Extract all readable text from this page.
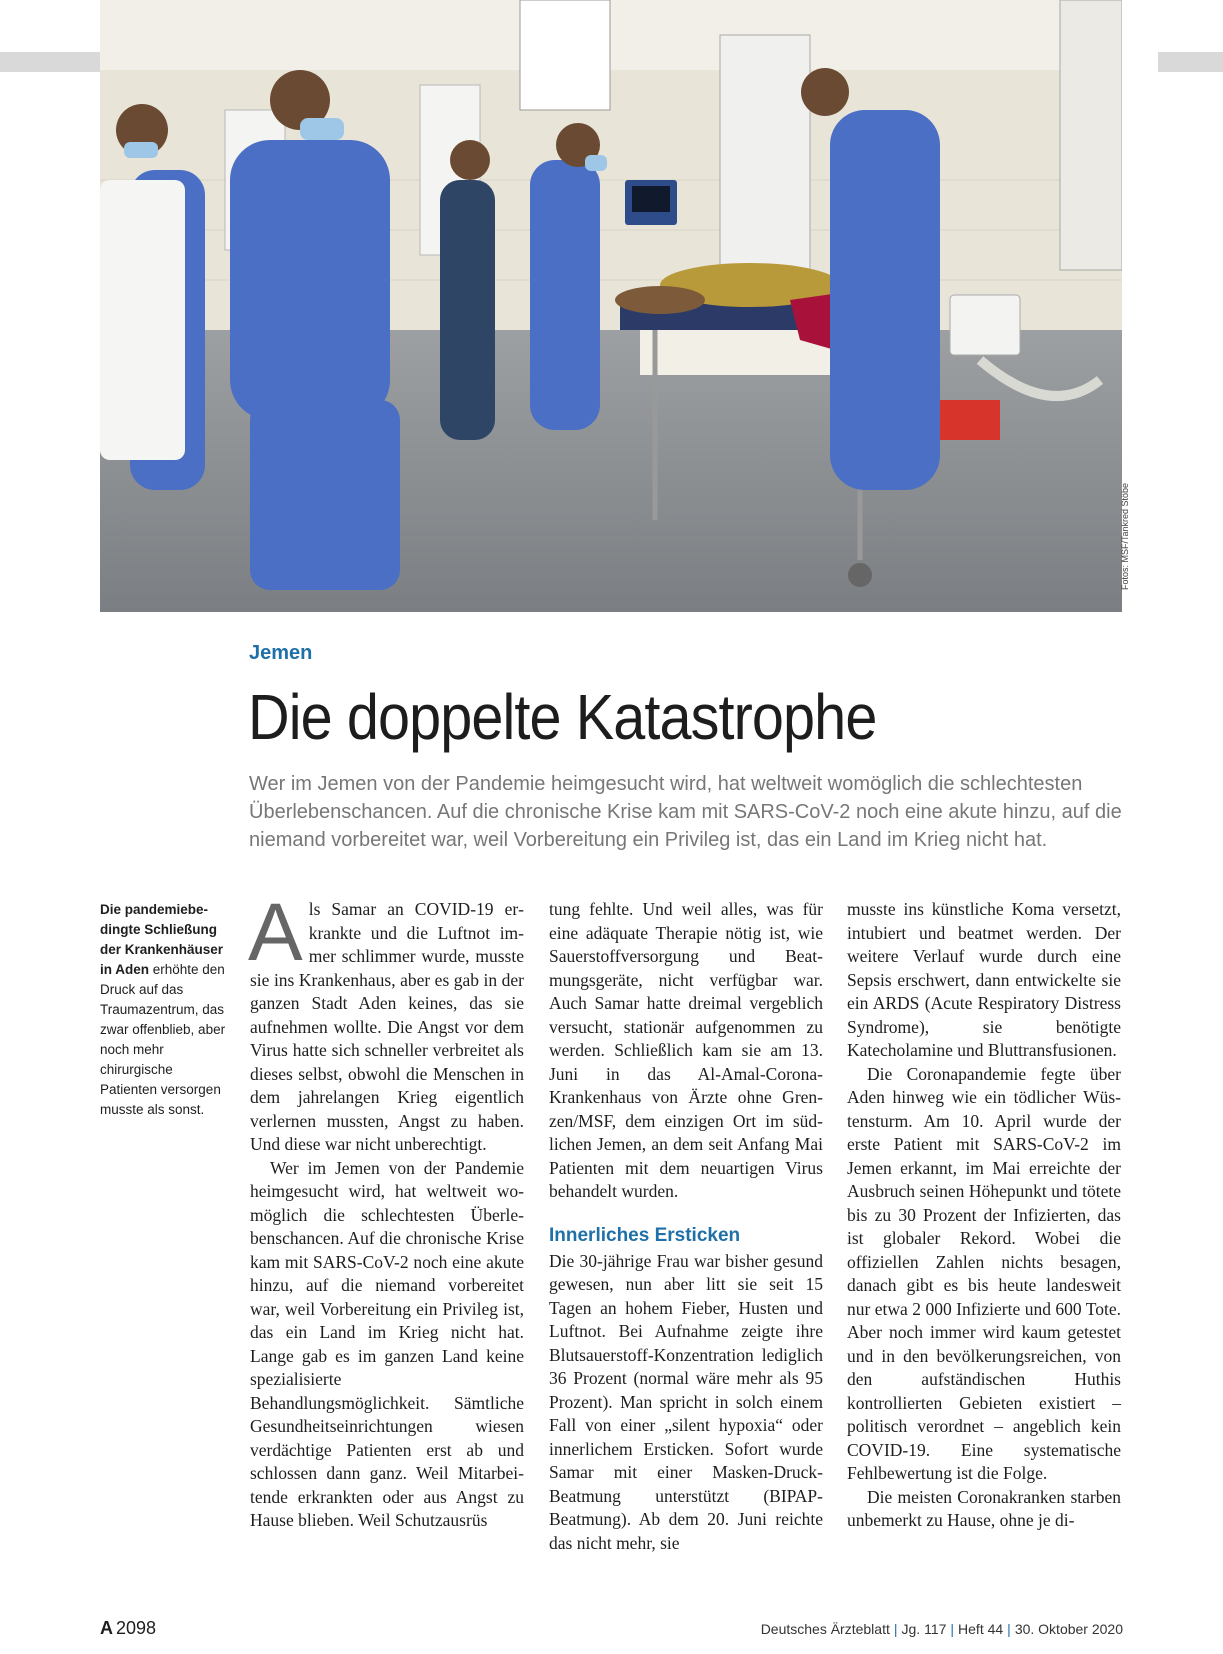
Fotos: MSF/Tankred Stöbe
Jemen
Die doppelte Katastrophe
Wer im Jemen von der Pandemie heimgesucht wird, hat weltweit womöglich die schlechtesten Überlebenschancen. Auf die chronische Krise kam mit SARS-CoV-2 noch eine akute hinzu, auf die niemand vorbereitet war, weil Vorbereitung ein Privileg ist, das ein Land im Krieg nicht hat.
Die pandemiebedingte Schließung der Krankenhäuser in Aden erhöhte den Druck auf das Traumazentrum, das zwar offenblieb, aber noch mehr chirurgische Patienten versorgen musste als sonst.

Als Samar an COVID-19 erkrankte und die Luftnot immer schlimmer wurde, musste sie ins Krankenhaus, aber es gab in der ganzen Stadt Aden keines, das sie aufnehmen wollte. Die Angst vor dem Virus hatte sich schneller verbreitet als dieses selbst, obwohl die Menschen in dem jahrelangen Krieg eigentlich verlernen mussten, Angst zu haben. Und diese war nicht unberechtigt.

Wer im Jemen von der Pandemie heimgesucht wird, hat weltweit womöglich die schlechtesten Überlebenschancen. Auf die chronische Krise kam mit SARS-CoV-2 noch eine akute hinzu, auf die niemand vorbereitet war, weil Vorbereitung ein Privileg ist, das ein Land im Krieg nicht hat. Lange gab es im ganzen Land keine spezialisierte Behandlungsmöglichkeit. Sämtliche Gesundheitseinrichtungen wiesen verdächtige Patienten erst ab und schlossen dann ganz. Weil Mitarbeitende erkrankten oder aus Angst zu Hause blieben. Weil Schutzausrüs

tung fehlte. Und weil alles, was für eine adäquate Therapie nötig ist, wie Sauerstoffversorgung und Beatmungsgeräte, nicht verfügbar war. Auch Samar hatte dreimal vergeblich versucht, stationär aufgenommen zu werden. Schließlich kam sie am 13. Juni in das Al-Amal-Corona-Krankenhaus von Ärzte ohne Grenzen/MSF, dem einzigen Ort im südlichen Jemen, an dem seit Anfang Mai Patienten mit dem neuartigen Virus behandelt wurden.

Innerliches Ersticken

Die 30-jährige Frau war bisher gesund gewesen, nun aber litt sie seit 15 Tagen an hohem Fieber, Husten und Luftnot. Bei Aufnahme zeigte ihre Blutsauerstoff-Konzentration lediglich 36 Prozent (normal wäre mehr als 95 Prozent). Man spricht in solch einem Fall von einer „silent hypoxia“ oder innerlichem Ersticken. Sofort wurde Samar mit einer Masken-Druck-Beatmung unterstützt (BIPAP-Beatmung). Ab dem 20. Juni reichte das nicht mehr, sie

musste ins künstliche Koma versetzt, intubiert und beatmet werden. Der weitere Verlauf wurde durch eine Sepsis erschwert, dann entwickelte sie ein ARDS (Acute Respiratory Distress Syndrome), sie benötigte Katecholamine und Bluttransfusionen.

Die Coronapandemie fegte über Aden hinweg wie ein tödlicher Wüstensturm. Am 10. April wurde der erste Patient mit SARS-CoV-2 im Jemen erkannt, im Mai erreichte der Ausbruch seinen Höhepunkt und tötete bis zu 30 Prozent der Infizierten, das ist globaler Rekord. Wobei die offiziellen Zahlen nichts besagen, danach gibt es bis heute landesweit nur etwa 2 000 Infizierte und 600 Tote. Aber noch immer wird kaum getestet und in den bevölkerungsreichen, von den aufständischen Huthis kontrollierten Gebieten existiert – politisch verordnet – angeblich kein COVID-19. Eine systematische Fehlbewertung ist die Folge.

Die meisten Coronakranken starben unbemerkt zu Hause, ohne je di-

A 2098	Deutsches Ärzteblatt | Jg. 117 | Heft 44 | 30. Oktober 2020
